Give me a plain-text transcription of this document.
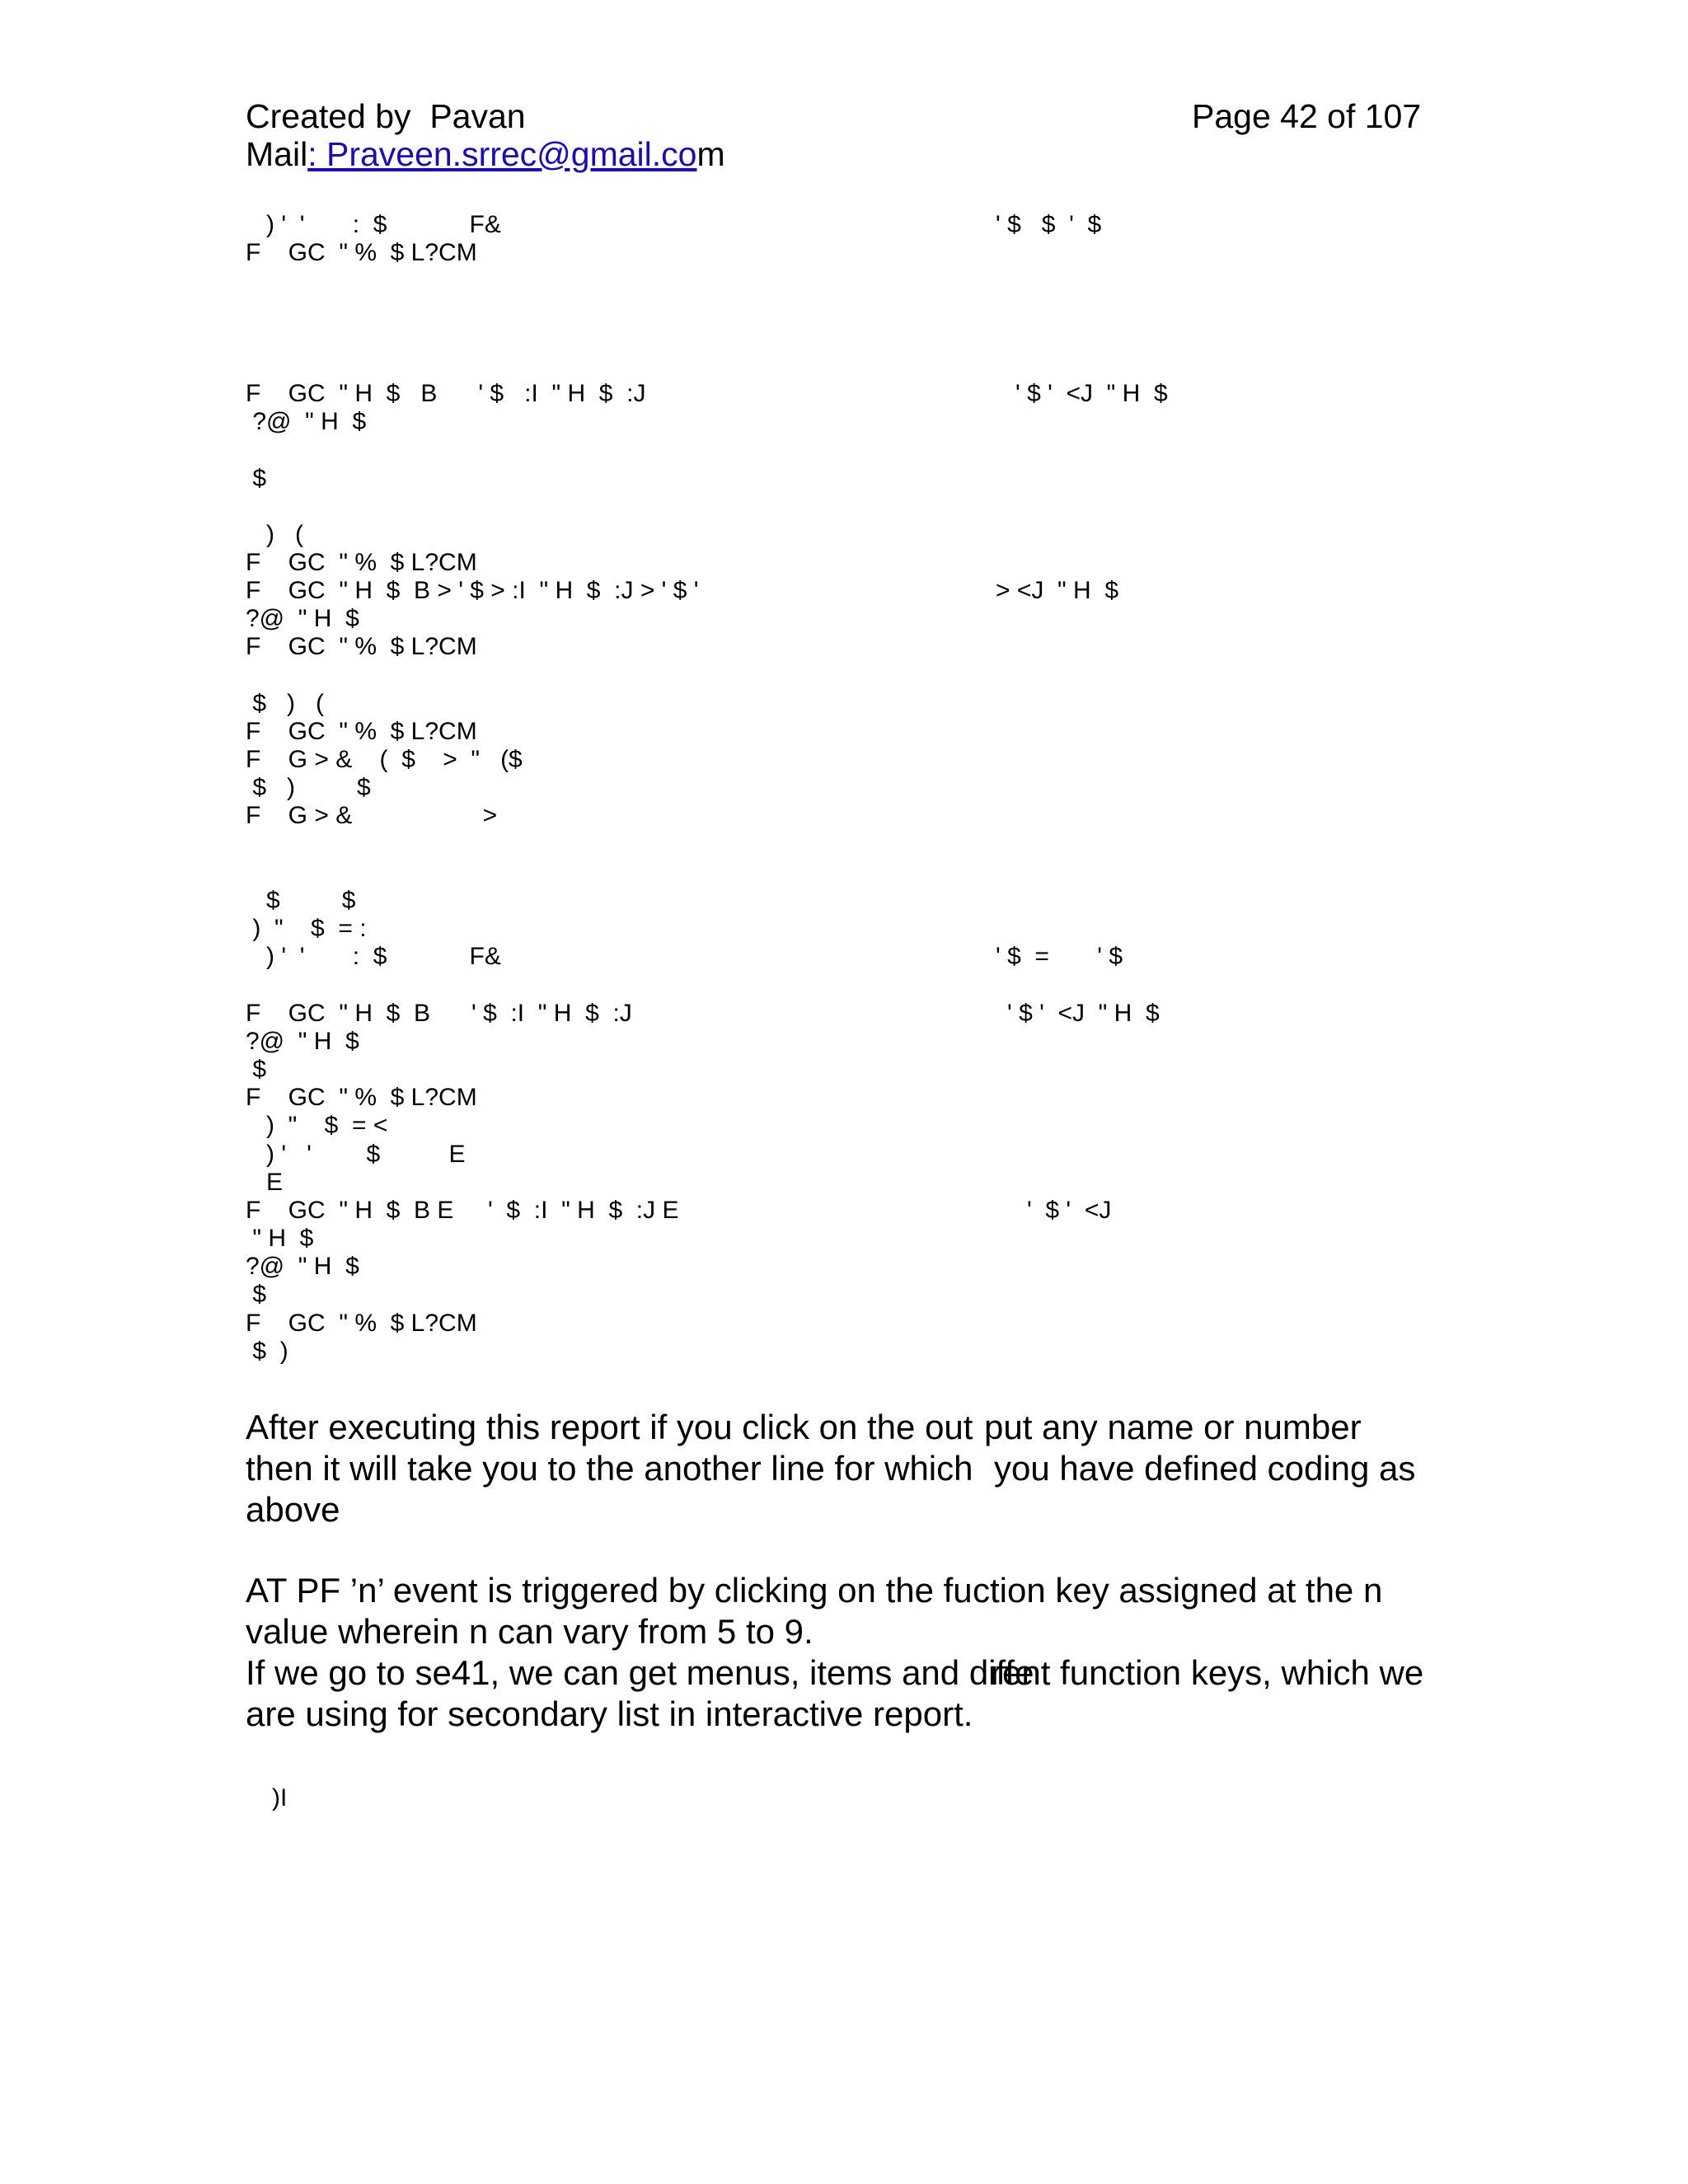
Created by  Pavan	Page 42 of 107
Mail: Praveen.srrec@gmail.com
) '  '       :  $            F&	' $   $  '  $
F    GC  " %  $ L?CM
F    GC  " H  $   B      ' $   :I  " H  $  :J	' $ '  <J  " H  $
?@  " H  $
$
)   (
F    GC  " %  $ L?CM
F    GC  " H  $  B > ' $ > :I  " H  $  :J > ' $ '	> <J  " H  $
?@  " H  $
F    GC  " %  $ L?CM
$   )   (
F    GC  " %  $ L?CM
F    G > &    (  $    >  "   ($
$   )         $
F    G > &                   >
$         $
)  "    $  = :
) '  '       :  $            F&	' $  =       ' $
F    GC  " H  $  B      ' $  :I  " H  $  :J	' $ '  <J  " H  $
?@  " H  $
$
F    GC  " %  $ L?CM
)  "    $  = <
) '   '        $          E
E
F    GC  " H  $  B E     '  $  :I  " H  $  :J E	'  $ '  <J
" H  $
?@  " H  $
$
F    GC  " %  $ L?CM
$  )
After executing this report if you click on the out put any name or number
then it will take you to the another line for which you have defined coding as
above
AT PF ’n’ event is triggered by clicking on the fu ction key assigned at the n
value wherein n can vary from 5 to 9.
If we go to se41, we can get menus, items and diffe
rent function keys, which we
are using for secondary list in interactive report.
)I
